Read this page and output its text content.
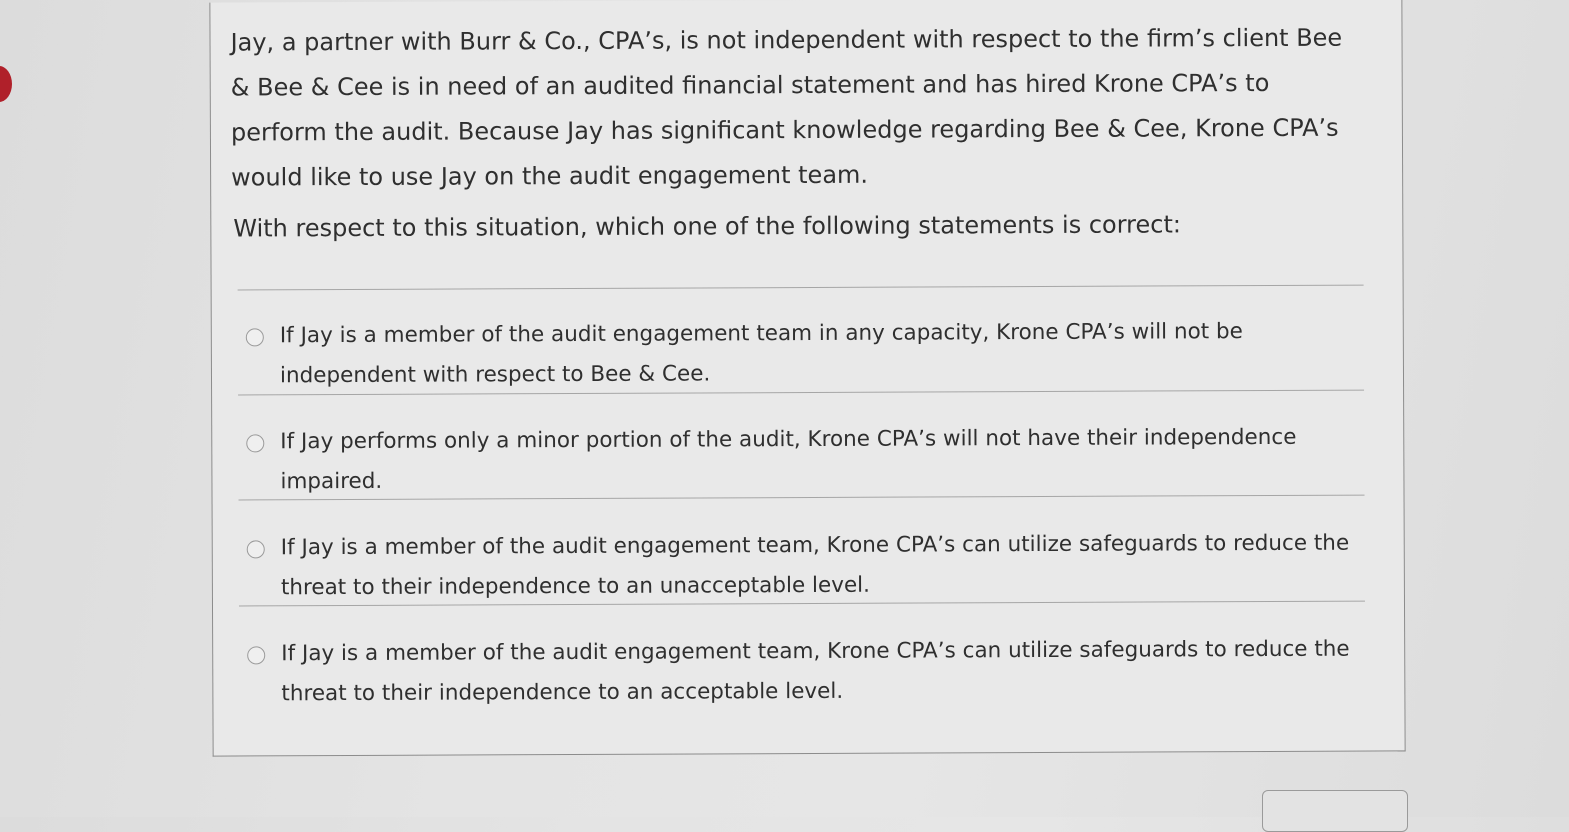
Jay, a partner with Burr & Co., CPA’s, is not independent with respect to the firm’s client Bee & Bee & Cee is in need of an audited financial statement and has hired Krone CPA’s to perform the audit. Because Jay has significant knowledge regarding Bee & Cee, Krone CPA’s would like to use Jay on the audit engagement team.

With respect to this situation, which one of the following statements is correct:

If Jay is a member of the audit engagement team in any capacity, Krone CPA’s will not be independent with respect to Bee & Cee.
If Jay performs only a minor portion of the audit, Krone CPA’s will not have their independence impaired.
If Jay is a member of the audit engagement team, Krone CPA’s can utilize safeguards to reduce the threat to their independence to an unacceptable level.
If Jay is a member of the audit engagement team, Krone CPA’s can utilize safeguards to reduce the threat to their independence to an acceptable level.
